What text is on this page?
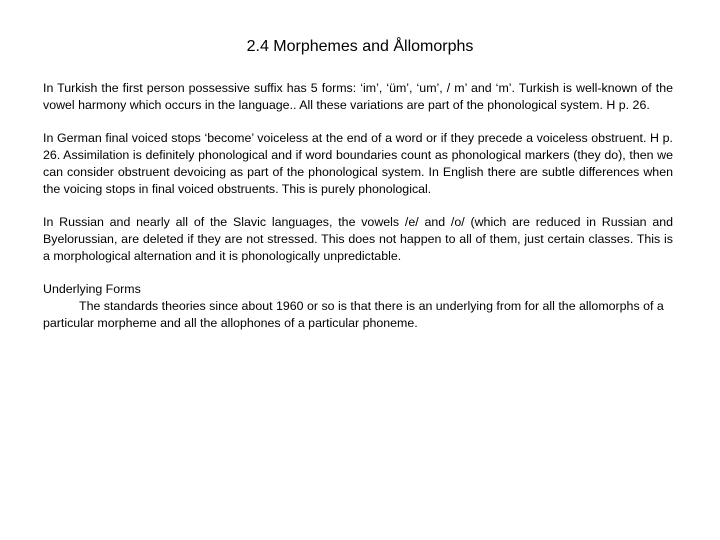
2.4 Morphemes and Ållomorphs

In Turkish the first person possessive suffix has 5 forms: ‘im’, ‘üm’, ‘um’, / m’ and ‘m’. Turkish is well-known of the vowel harmony which occurs in the language.. All these variations are part of the phonological system. H p. 26.

In German final voiced stops ‘become’ voiceless at the end of a word or if they precede a voiceless obstruent. H p. 26. Assimilation is definitely phonological and if word boundaries count as phonological markers (they do), then we can consider obstruent devoicing as part of the phonological system. In English there are subtle differences when the voicing stops in final voiced obstruents. This is purely phonological.

In Russian and nearly all of the Slavic languages, the vowels /e/ and /o/ (which are reduced in Russian and Byelorussian, are deleted if they are not stressed. This does not happen to all of them, just certain classes. This is a morphological alternation and it is phonologically unpredictable.

Underlying Forms
The standards theories since about 1960 or so is that there is an underlying from for all the allomorphs of a particular morpheme and all the allophones of a particular phoneme.
